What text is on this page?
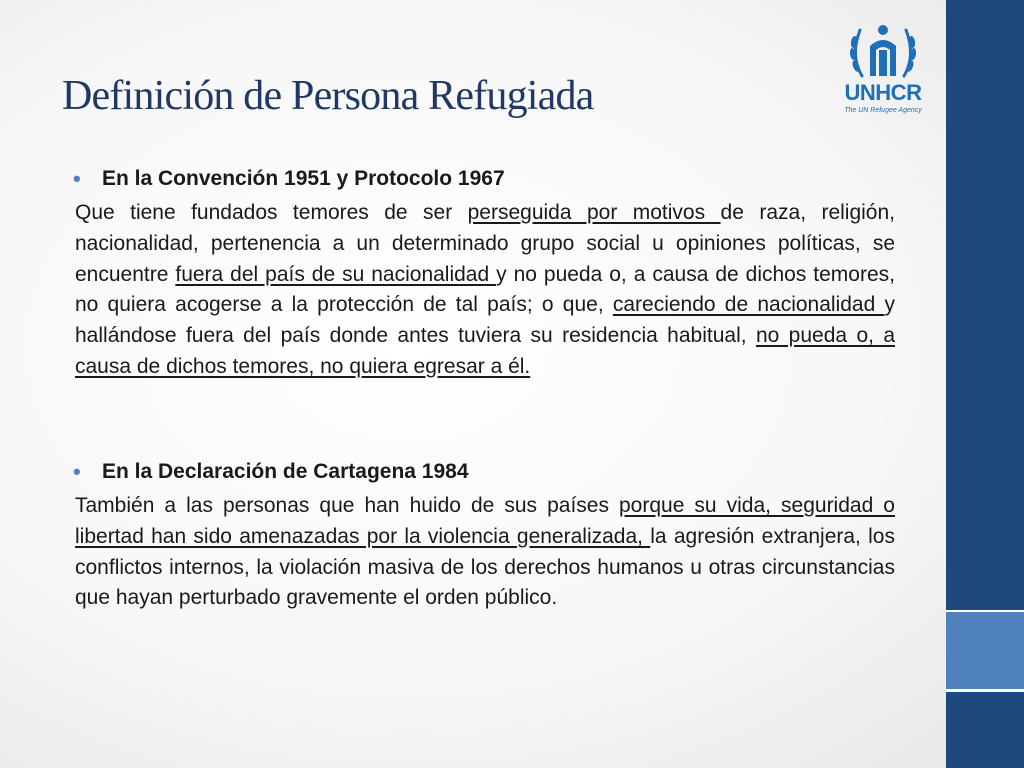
Definición de Persona Refugiada	UNHCR
The UN Refugee Agency
• En la Convención 1951 y Protocolo 1967

Que tiene fundados temores de ser perseguida por motivos de raza, religión, nacionalidad, pertenencia a un determinado grupo social u opiniones políticas, se encuentre fuera del país de su nacionalidad y no pueda o, a causa de dichos temores, no quiera acogerse a la protección de tal país; o que, careciendo de nacionalidad y hallándose fuera del país donde antes tuviera su residencia habitual, no pueda o, a causa de dichos temores, no quiera egresar a él.

• En la Declaración de Cartagena 1984

También a las personas que han huido de sus países porque su vida, seguridad o libertad han sido amenazadas por la violencia generalizada, la agresión extranjera, los conflictos internos, la violación masiva de los derechos humanos u otras circunstancias que hayan perturbado gravemente el orden público.
